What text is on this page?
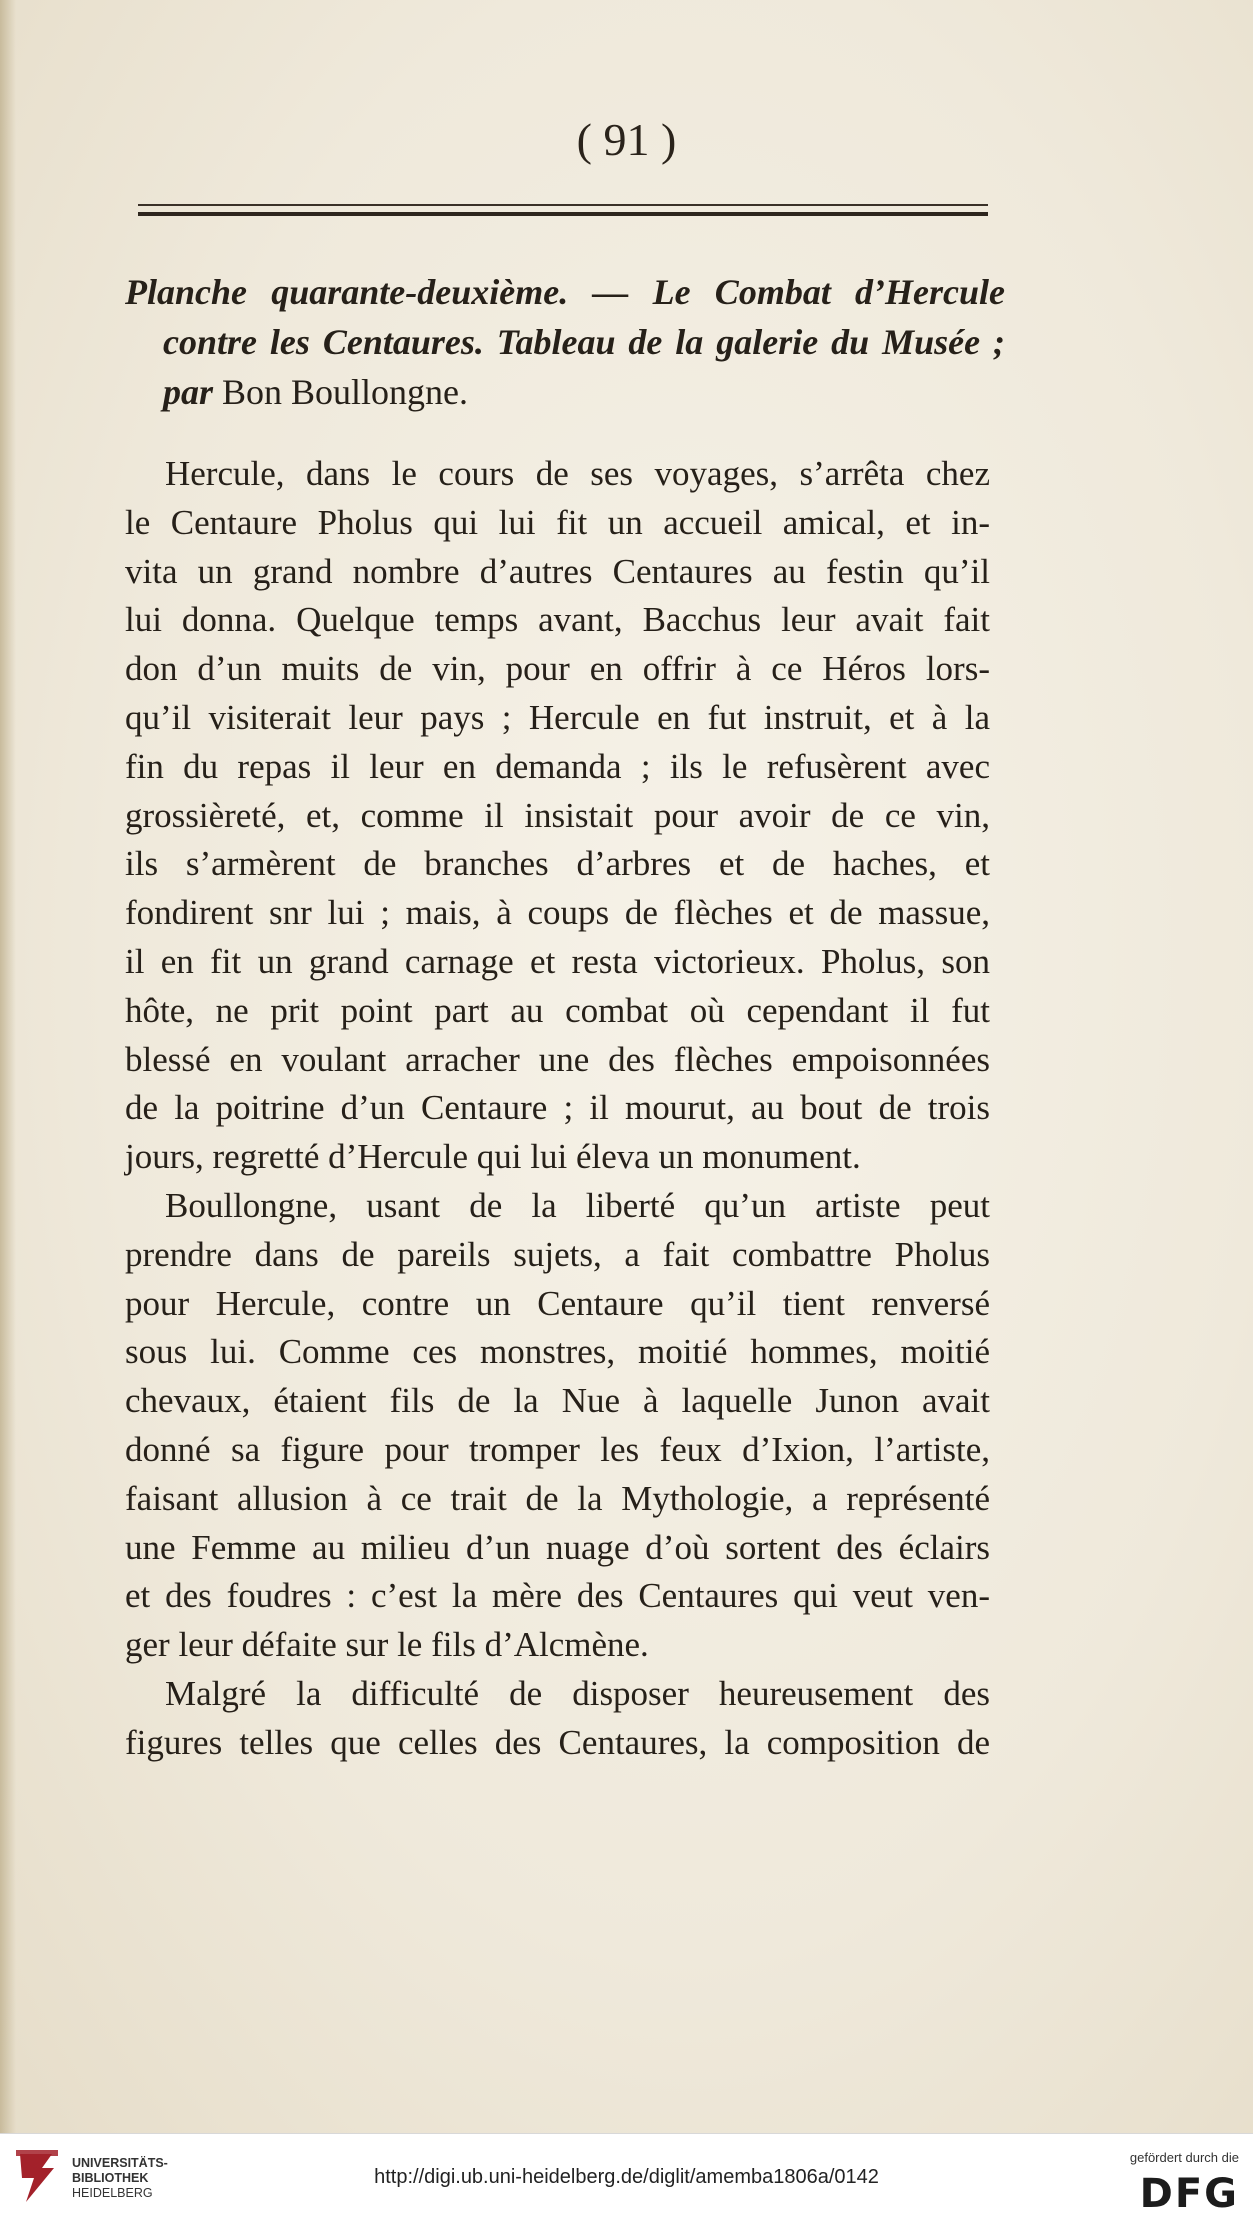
( 91 )
Planche quarante-deuxième. — Le Combat d’Hercule
contre les Centaures. Tableau de la galerie du Musée ;
par Bon Boullongne.
Hercule, dans le cours de ses voyages, s’arrêta chez
le Centaure Pholus qui lui fit un accueil amical, et in-
vita un grand nombre d’autres Centaures au festin qu’il
lui donna. Quelque temps avant, Bacchus leur avait fait
don d’un muits de vin, pour en offrir à ce Héros lors-
qu’il visiterait leur pays ; Hercule en fut instruit, et à la
fin du repas il leur en demanda ; ils le refusèrent avec
grossièreté, et, comme il insistait pour avoir de ce vin,
ils s’armèrent de branches d’arbres et de haches, et
fondirent snr lui ; mais, à coups de flèches et de massue,
il en fit un grand carnage et resta victorieux. Pholus, son
hôte, ne prit point part au combat où cependant il fut
blessé en voulant arracher une des flèches empoisonnées
de la poitrine d’un Centaure ; il mourut, au bout de trois
jours, regretté d’Hercule qui lui éleva un monument.
Boullongne, usant de la liberté qu’un artiste peut
prendre dans de pareils sujets, a fait combattre Pholus
pour Hercule, contre un Centaure qu’il tient renversé
sous lui. Comme ces monstres, moitié hommes, moitié
chevaux, étaient fils de la Nue à laquelle Junon avait
donné sa figure pour tromper les feux d’Ixion, l’artiste,
faisant allusion à ce trait de la Mythologie, a représenté
une Femme au milieu d’un nuage d’où sortent des éclairs
et des foudres : c’est la mère des Centaures qui veut ven-
ger leur défaite sur le fils d’Alcmène.
Malgré la difficulté de disposer heureusement des
figures telles que celles des Centaures, la composition de
UNIVERSITÄTS-
BIBLIOTHEK
HEIDELBERG
http://digi.ub.uni-heidelberg.de/diglit/amemba1806a/0142
gefördert durch die
DFG
